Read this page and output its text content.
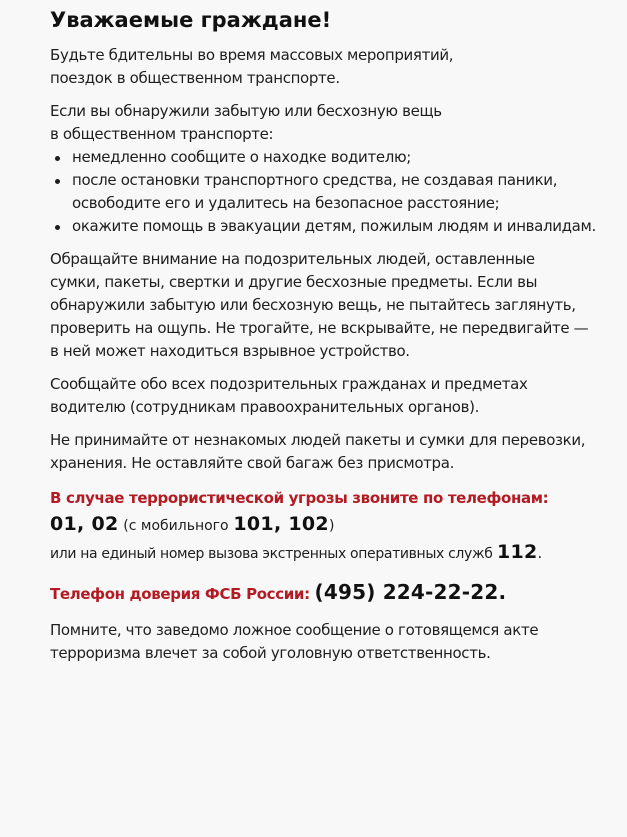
Уважаемые граждане!

Будьте бдительны во время массовых мероприятий,
поездок в общественном транспорте.

Если вы обнаружили забытую или бесхозную вещь
в общественном транспорте:

немедленно сообщите о находке водителю;
после остановки транспортного средства, не создавая паники,
освободите его и удалитесь на безопасное расстояние;
окажите помощь в эвакуации детям, пожилым людям и инвалидам.

Обращайте внимание на подозрительных людей, оставленные
сумки, пакеты, свертки и другие бесхозные предметы. Если вы
обнаружили забытую или бесхозную вещь, не пытайтесь заглянуть,
проверить на ощупь. Не трогайте, не вскрывайте, не передвигайте —
в ней может находиться взрывное устройство.

Сообщайте обо всех подозрительных гражданах и предметах
водителю (сотрудникам правоохранительных органов).

Не принимайте от незнакомых людей пакеты и сумки для перевозки,
хранения. Не оставляйте свой багаж без присмотра.

В случае террористической угрозы звоните по телефонам:
01, 02 (с мобильного 101, 102)
или на единый номер вызова экстренных оперативных служб 112.
Телефон доверия ФСБ России: (495) 224-22-22.

Помните, что заведомо ложное сообщение о готовящемся акте
терроризма влечет за собой уголовную ответственность.
